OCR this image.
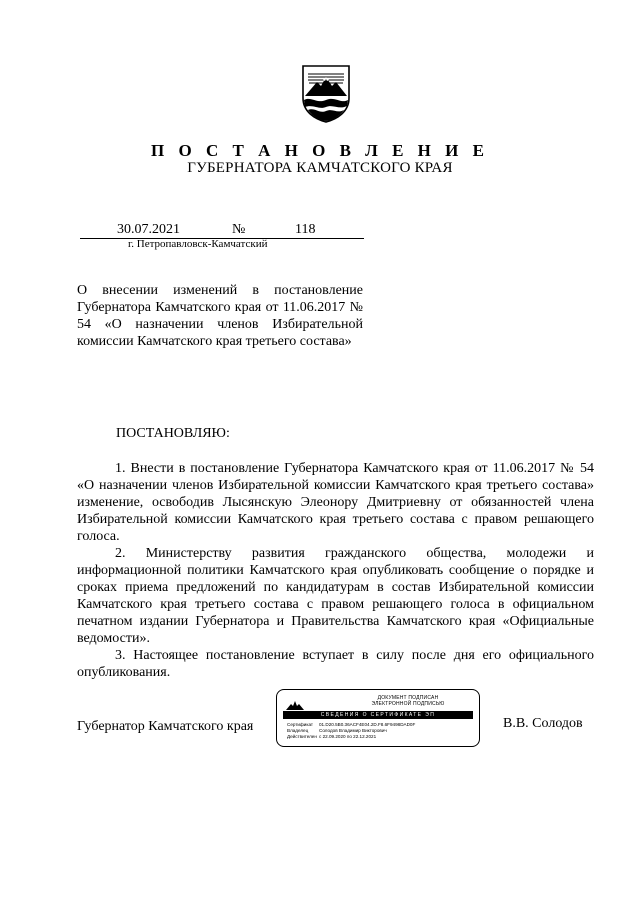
П О С Т А Н О В Л Е Н И Е
ГУБЕРНАТОРА КАМЧАТСКОГО КРАЯ
30.07.2021	№	118
г. Петропавловск-Камчатский
О внесении изменений в постановление Губернатора Камчатского края от 11.06.2017 № 54 «О назначении членов Избирательной комиссии Камчатского края третьего состава»
ПОСТАНОВЛЯЮ:

1. Внести в постановление Губернатора Камчатского края от 11.06.2017 № 54 «О назначении членов Избирательной комиссии Камчатского края третьего состава» изменение, освободив Лысянскую Элеонору Дмитриевну от обязанностей члена Избирательной комиссии Камчатского края третьего состава с правом решающего голоса.

2. Министерству развития гражданского общества, молодежи и информационной политики Камчатского края опубликовать сообщение о порядке и сроках приема предложений по кандидатурам в состав Избирательной комиссии Камчатского края третьего состава с правом решающего голоса в официальном печатном издании Губернатора и Правительства Камчатского края «Официальные ведомости».

3. Настоящее постановление вступает в силу после дня его официального опубликования.

Губернатор Камчатского края
ДОКУМЕНТ ПОДПИСАН
ЭЛЕКТРОННОЙ ПОДПИСЬЮ
СВЕДЕНИЯ О СЕРТИФИКАТЕ ЭП
Сертификат 01.D20.5B0.36ACF4E04.2D.F8.6F9498DAD0F
Владелец Солодов Владимир Викторович
Действителен с 22.09.2020 по 22.12.2021
В.В. Солодов
